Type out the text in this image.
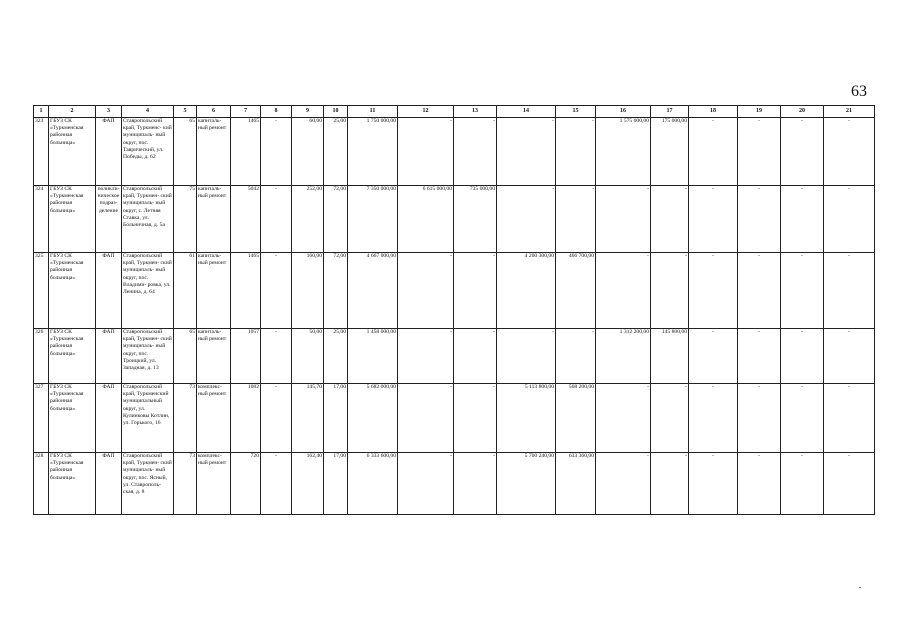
63
1	2	3	4	5	6	7	8	9	10	11	12	13	14	15	16	17	18	19	20	21
323	ГБУЗ СК «Туркменская районная больница»	ФАП	Ставропольский край, Туркменс- кий муниципаль- ный округ, пос. Таврический, ул. Победы, д. 62	65	капиталь- ный ремонт	1465	-	60,00	25,00	1 750 000,00	-	-	-	-	1 575 000,00	175 000,00	-	-	-	-
324	ГБУЗ СК «Туркменская районная больница»	поликли- ническое подраз- деление	Ставропольский край, Туркмен- ский муниципаль- ный округ, с. Летняя Ставка, ул. Больничная, д. 5а	75	капиталь- ный ремонт	5042	-	252,00	72,00	7 350 000,00	6 615 000,00	735 000,00	-	-	-	-	-	-	-	-
325	ГБУЗ СК «Туркменская районная больница»	ФАП	Ставропольский край, Туркмен- ский муниципаль- ный округ, пос. Владими- ровка, ул. Ленина, д. 64	61	капиталь- ный ремонт	1465	-	160,00	72,00	4 667 000,00	-	-	4 200 300,00	466 700,00	-	-	-	-	-	-
326	ГБУЗ СК «Туркменская районная больница»	ФАП	Ставропольский край, Туркмен- ский муниципаль- ный округ, пос. Троицкий, ул. Западная, д. 13	65	капиталь- ный ремонт	1057	-	50,00	25,00	1 458 000,00	-	-	-	-	1 312 200,00	145 800,00	-	-	-	-
327	ГБУЗ СК «Туркменская районная больница»	ФАП	Ставропольский край, Туркменский муниципальный округ, ул. Кулинковы Котлин, ул. Горького, 16	73	комплекс- ный ремонт	1082	-	145,70	17,00	5 682 000,00	-	-	5 113 800,00	568 200,00	-	-	-	-	-	-
328	ГБУЗ СК «Туркменская районная больница»	ФАП	Ставропольский край, Туркмен- ский муниципаль- ный округ, пос. Ясный, ул. Ставрополь- ская, д. 8	73	комплекс- ный ремонт	720	-	162,40	17,00	6 333 600,00	-	-	5 700 240,00	633 360,00	-	-	-	-	-	-
